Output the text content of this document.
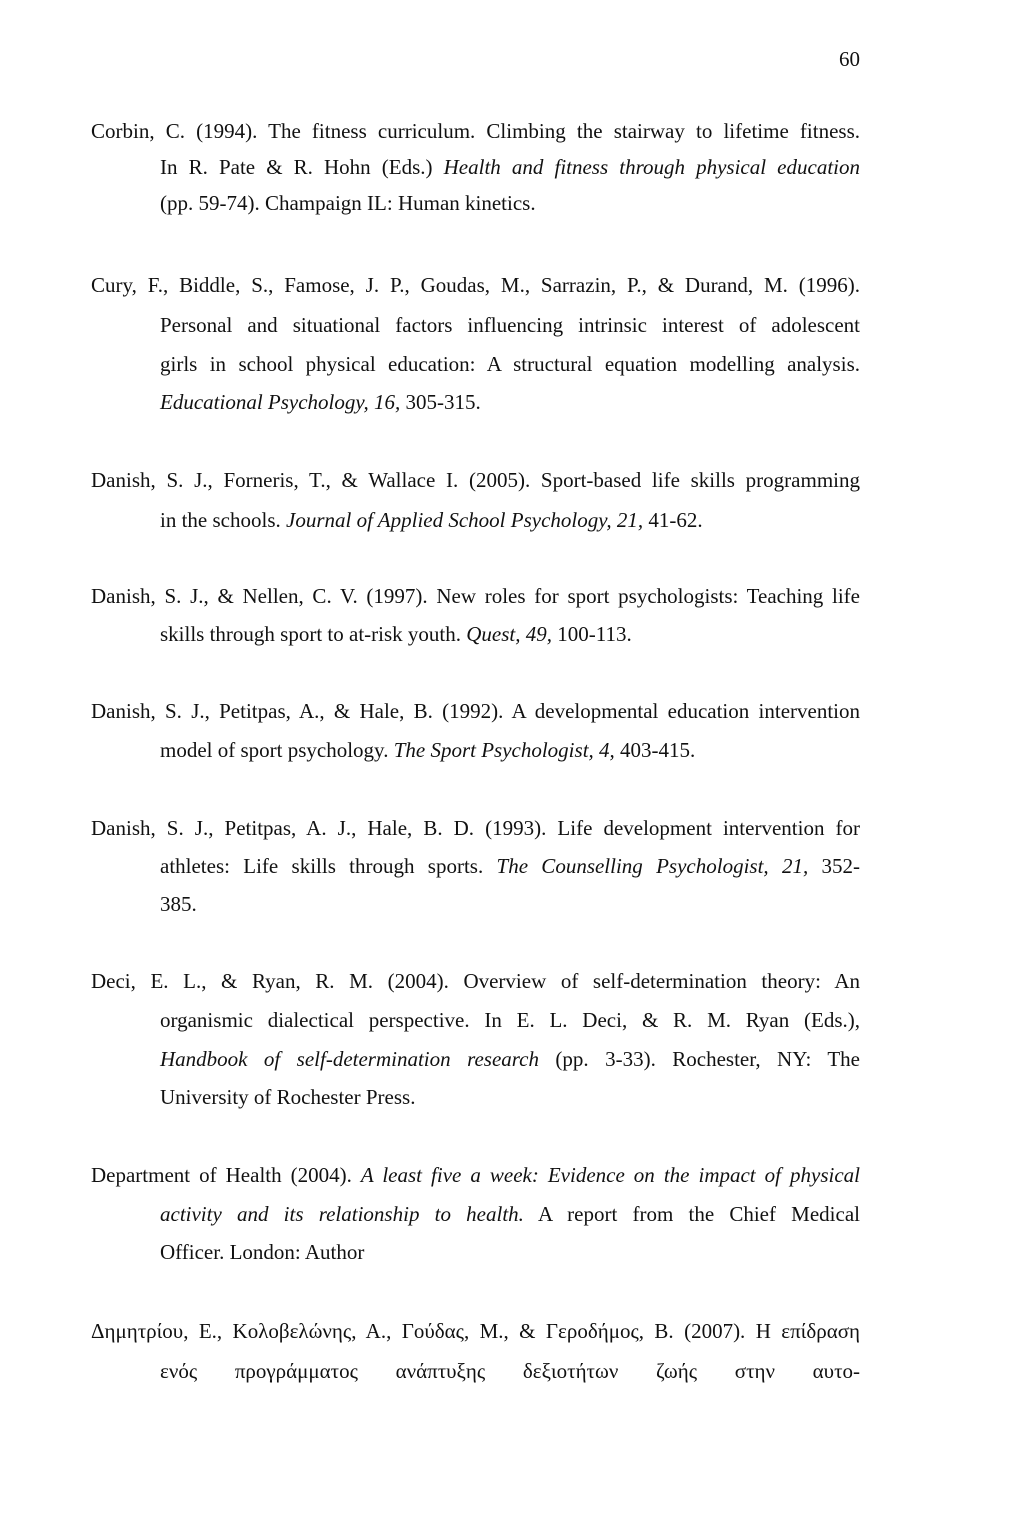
60
Corbin, C. (1994). The fitness curriculum. Climbing the stairway to lifetime fitness.
In R. Pate & R. Hohn (Eds.) Health and fitness through physical education
(pp. 59-74). Champaign IL: Human kinetics.
Cury, F., Biddle, S., Famose, J. P., Goudas, M., Sarrazin, P., & Durand, M. (1996).
Personal and situational factors influencing intrinsic interest of adolescent
girls in school physical education: A structural equation modelling analysis.
Educational Psychology, 16, 305-315.
Danish, S. J., Forneris, T., & Wallace I. (2005). Sport-based life skills programming
in the schools. Journal of Applied School Psychology, 21, 41-62.
Danish, S. J., & Nellen, C. V. (1997). New roles for sport psychologists: Teaching life
skills through sport to at-risk youth. Quest, 49, 100-113.
Danish, S. J., Petitpas, A., & Hale, B. (1992). A developmental education intervention
model of sport psychology. The Sport Psychologist, 4, 403-415.
Danish, S. J., Petitpas, A. J., Hale, B. D. (1993). Life development intervention for
athletes: Life skills through sports. The Counselling Psychologist, 21, 352-
385.
Deci, E. L., & Ryan, R. M. (2004). Overview of self-determination theory: An
organismic dialectical perspective. In E. L. Deci, & R. M. Ryan (Eds.),
Handbook of self-determination research (pp. 3-33). Rochester, NY: The
University of Rochester Press.
Department of Health (2004). A least five a week: Evidence on the impact of physical
activity and its relationship to health. A report from the Chief Medical
Officer. London: Author
Δημητρίου, Ε., Κολοβελώνης, Α., Γούδας, Μ., & Γεροδήμος, Β. (2007). Η επίδραση
ενός προγράμματος ανάπτυξης δεξιοτήτων ζωής στην αυτο-
